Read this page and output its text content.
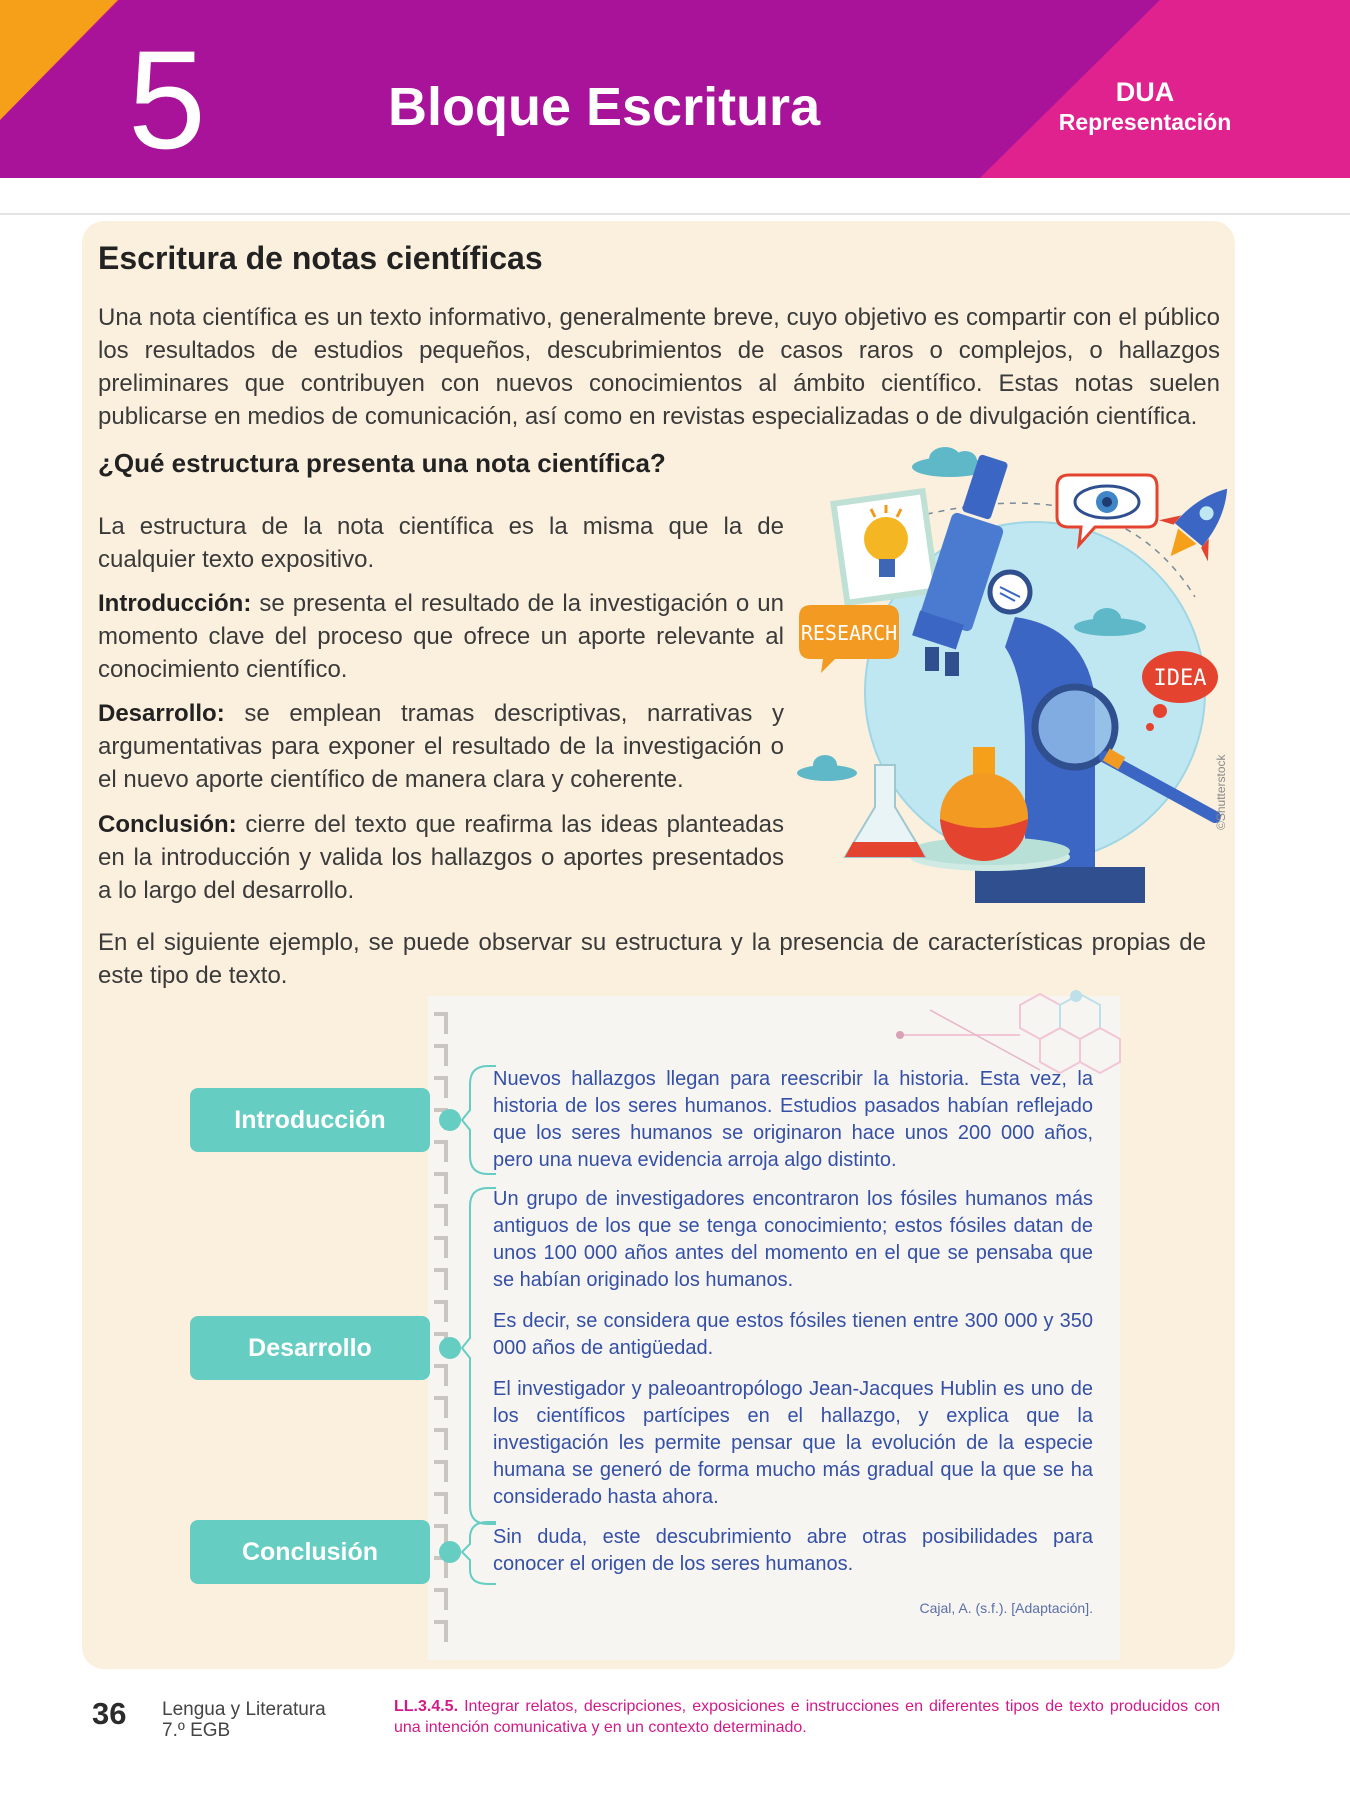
5	Bloque Escritura	DUA
Representación
Escritura de notas científicas

Una nota científica es un texto informativo, generalmente breve, cuyo objetivo es compartir con el público los resultados de estudios pequeños, descubrimientos de casos raros o complejos, o hallazgos preliminares que contribuyen con nuevos conocimientos al ámbito científico. Estas notas suelen publicarse en medios de comunicación, así como en revistas especializadas o de divulgación científica.

¿Qué estructura presenta una nota científica?

La estructura de la nota científica es la misma que la de cualquier texto expositivo.

Introducción: se presenta el resultado de la investigación o un momento clave del proceso que ofrece un aporte relevante al conocimiento científico.

Desarrollo: se emplean tramas descriptivas, narrativas y argumentativas para exponer el resultado de la investigación o el nuevo aporte científico de manera clara y coherente.

Conclusión: cierre del texto que reafirma las ideas planteadas en la introducción y valida los hallazgos o aportes presentados a lo largo del desarrollo.

RESEARCH
IDEA
©Shutterstock

En el siguiente ejemplo, se puede observar su estructura y la presencia de características propias de este tipo de texto.

Introducción
Desarrollo
Conclusión

Nuevos hallazgos llegan para reescribir la historia. Esta vez, la historia de los seres humanos. Estudios pasados habían reflejado que los seres humanos se originaron hace unos 200 000 años, pero una nueva evidencia arroja algo distinto.

Un grupo de investigadores encontraron los fósiles humanos más antiguos de los que se tenga conocimiento; estos fósiles datan de unos 100 000 años antes del momento en el que se pensaba que se habían originado los humanos.

Es decir, se considera que estos fósiles tienen entre 300 000 y 350 000 años de antigüedad.

El investigador y paleoantropólogo Jean-Jacques Hublin es uno de los científicos partícipes en el hallazgo, y explica que la investigación les permite pensar que la evolución de la especie humana se generó de forma mucho más gradual que la que se ha considerado hasta ahora.

Sin duda, este descubrimiento abre otras posibilidades para conocer el origen de los seres humanos.

Cajal, A. (s.f.). [Adaptación].
36 Lengua y Literatura
7.º EGB

LL.3.4.5. Integrar relatos, descripciones, exposiciones e instrucciones en diferentes tipos de texto producidos con una intención comunicativa y en un contexto determinado.
